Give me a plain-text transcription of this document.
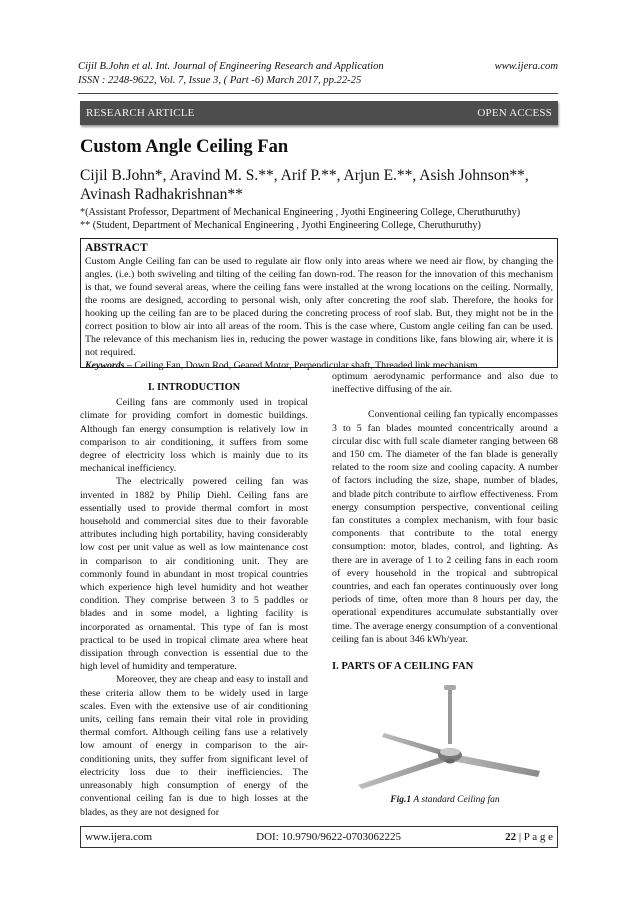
Cijil B.John et al. Int. Journal of Engineering Research and Application	www.ijera.com
ISSN : 2248-9622, Vol. 7, Issue 3, ( Part -6) March 2017, pp.22-25
RESEARCH ARTICLE	OPEN ACCESS
Custom Angle Ceiling Fan
Cijil B.John*, Aravind M. S.**, Arif P.**, Arjun E.**, Asish Johnson**, Avinash Radhakrishnan**
*(Assistant Professor, Department of Mechanical Engineering , Jyothi Engineering College, Cheruthuruthy)
** (Student, Department of Mechanical Engineering , Jyothi Engineering College, Cheruthuruthy)
ABSTRACT

Custom Angle Ceiling fan can be used to regulate air flow only into areas where we need air flow, by changing the angles. (i.e.) both swiveling and tilting of the ceiling fan down-rod. The reason for the innovation of this mechanism is that, we found several areas, where the ceiling fans were installed at the wrong locations on the ceiling. Normally, the rooms are designed, according to personal wish, only after concreting the roof slab. Therefore, the hooks for hooking up the ceiling fan are to be placed during the concreting process of roof slab. But, they might not be in the correct position to blow air into all areas of the room. This is the case where, Custom angle ceiling fan can be used. The relevance of this mechanism lies in, reducing the power wastage in conditions like, fans blowing air, where it is not required.

Keywords – Ceiling Fan, Down Rod, Geared Motor, Perpendicular shaft, Threaded link mechanism

I. INTRODUCTION

Ceiling fans are commonly used in tropical climate for providing comfort in domestic buildings. Although fan energy consumption is relatively low in comparison to air conditioning, it suffers from some degree of electricity loss which is mainly due to its mechanical inefficiency.

The electrically powered ceiling fan was invented in 1882 by Philip Diehl. Ceiling fans are essentially used to provide thermal comfort in most household and commercial sites due to their favorable attributes including high portability, having considerably low cost per unit value as well as low maintenance cost in comparison to air conditioning unit. They are commonly found in abundant in most tropical countries which experience high level humidity and hot weather condition. They comprise between 3 to 5 paddles or blades and in some model, a lighting facility is incorporated as ornamental. This type of fan is most practical to be used in tropical climate area where heat dissipation through convection is essential due to the high level of humidity and temperature.

Moreover, they are cheap and easy to install and these criteria allow them to be widely used in large scales. Even with the extensive use of air conditioning units, ceiling fans remain their vital role in providing thermal comfort. Although ceiling fans use a relatively low amount of energy in comparison to the air-conditioning units, they suffer from significant level of electricity loss due to their inefficiencies. The unreasonably high consumption of energy of the conventional ceiling fan is due to high losses at the blades, as they are not designed for

optimum aerodynamic performance and also due to ineffective diffusing of the air.

Conventional ceiling fan typically encompasses 3 to 5 fan blades mounted concentrically around a circular disc with full scale diameter ranging between 68 and 150 cm. The diameter of the fan blade is generally related to the room size and cooling capacity. A number of factors including the size, shape, number of blades, and blade pitch contribute to airflow effectiveness. From energy consumption perspective, conventional ceiling fan constitutes a complex mechanism, with four basic components that contribute to the total energy consumption: motor, blades, control, and lighting. As there are in average of 1 to 2 ceiling fans in each room of every household in the tropical and subtropical countries, and each fan operates continuously over long periods of time, often more than 8 hours per day, the operational expenditures accumulate substantially over time. The average energy consumption of a conventional ceiling fan is about 346 kWh/year.

I. PARTS OF A CEILING FAN
Fig.1 A standard Ceiling fan
www.ijera.com	DOI: 10.9790/9622-0703062225	22 | P a g e
